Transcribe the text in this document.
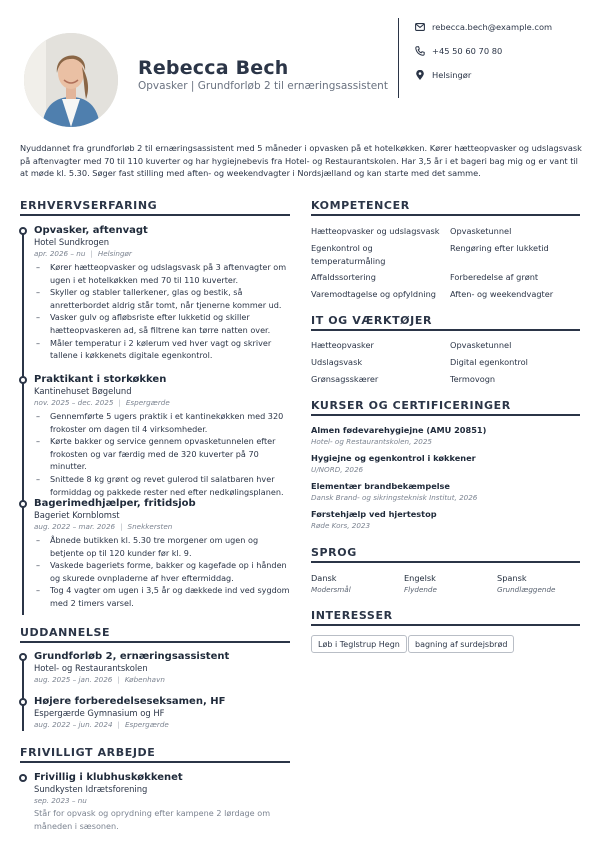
Rebecca Bech
Opvasker | Grundforløb 2 til ernæringsassistent
rebecca.bech@example.com
+45 50 60 70 80
Helsingør
Nyuddannet fra grundforløb 2 til ernæringsassistent med 5 måneder i opvasken på et hotelkøkken. Kører hætteopvasker og udslagsvask på aftenvagter med 70 til 110 kuverter og har hygiejnebevis fra Hotel- og Restaurantskolen. Har 3,5 år i et bageri bag mig og er vant til at møde kl. 5.30. Søger fast stilling med aften- og weekendvagter i Nordsjælland og kan starte med det samme.
ERHVERVSERFARING
Opvasker, aftenvagt
Hotel Sundkrogen
apr. 2026 – nu | Helsingør
– Kører hætteopvasker og udslagsvask på 3 aftenvagter om ugen i et hotelkøkken med 70 til 110 kuverter.
– Skyller og stabler tallerkener, glas og bestik, så anretterbordet aldrig står tomt, når tjenerne kommer ud.
– Vasker gulv og afløbsriste efter lukketid og skiller hætteopvaskeren ad, så filtrene kan tørre natten over.
– Måler temperatur i 2 kølerum ved hver vagt og skriver tallene i køkkenets digitale egenkontrol.
Praktikant i storkøkken
Kantinehuset Bøgelund
nov. 2025 – dec. 2025 | Espergærde
– Gennemførte 5 ugers praktik i et kantinekøkken med 320 frokoster om dagen til 4 virksomheder.
– Kørte bakker og service gennem opvasketunnelen efter frokosten og var færdig med de 320 kuverter på 70 minutter.
– Snittede 8 kg grønt og revet gulerod til salatbaren hver formiddag og pakkede rester ned efter nedkølingsplanen.
Bagerimedhjælper, fritidsjob
Bageriet Kornblomst
aug. 2022 – mar. 2026 | Snekkersten
– Åbnede butikken kl. 5.30 tre morgener om ugen og betjente op til 120 kunder før kl. 9.
– Vaskede bageriets forme, bakker og kagefade op i hånden og skurede ovnpladerne af hver eftermiddag.
– Tog 4 vagter om ugen i 3,5 år og dækkede ind ved sygdom med 2 timers varsel.
UDDANNELSE
Grundforløb 2, ernæringsassistent
Hotel- og Restaurantskolen
aug. 2025 – jan. 2026 | København
Højere forberedelseseksamen, HF
Espergærde Gymnasium og HF
aug. 2022 – jun. 2024 | Espergærde
FRIVILLIGT ARBEJDE
Frivillig i klubhuskøkkenet
Sundkysten Idrætsforening
sep. 2023 – nu
Står for opvask og oprydning efter kampene 2 lørdage om måneden i sæsonen.
KOMPETENCER
Hætteopvasker og udslagsvask
Egenkontrol og temperaturmåling
Affaldssortering
Varemodtagelse og opfyldning
Opvasketunnel
Rengøring efter lukketid
Forberedelse af grønt
Aften- og weekendvagter
IT OG VÆRKTØJER
Hætteopvasker
Udslagsvask
Grønsagsskærer
Opvasketunnel
Digital egenkontrol
Termovogn
KURSER OG CERTIFICERINGER
Almen fødevarehygiejne (AMU 20851)
Hotel- og Restaurantskolen, 2025
Hygiejne og egenkontrol i køkkener
U/NORD, 2026
Elementær brandbekæmpelse
Dansk Brand- og sikringsteknisk Institut, 2026
Førstehjælp ved hjertestop
Røde Kors, 2023
SPROG
Dansk
Modersmål
Engelsk
Flydende
Spansk
Grundlæggende
INTERESSER
Løb i Teglstrup Hegn	bagning af surdejsbrød
